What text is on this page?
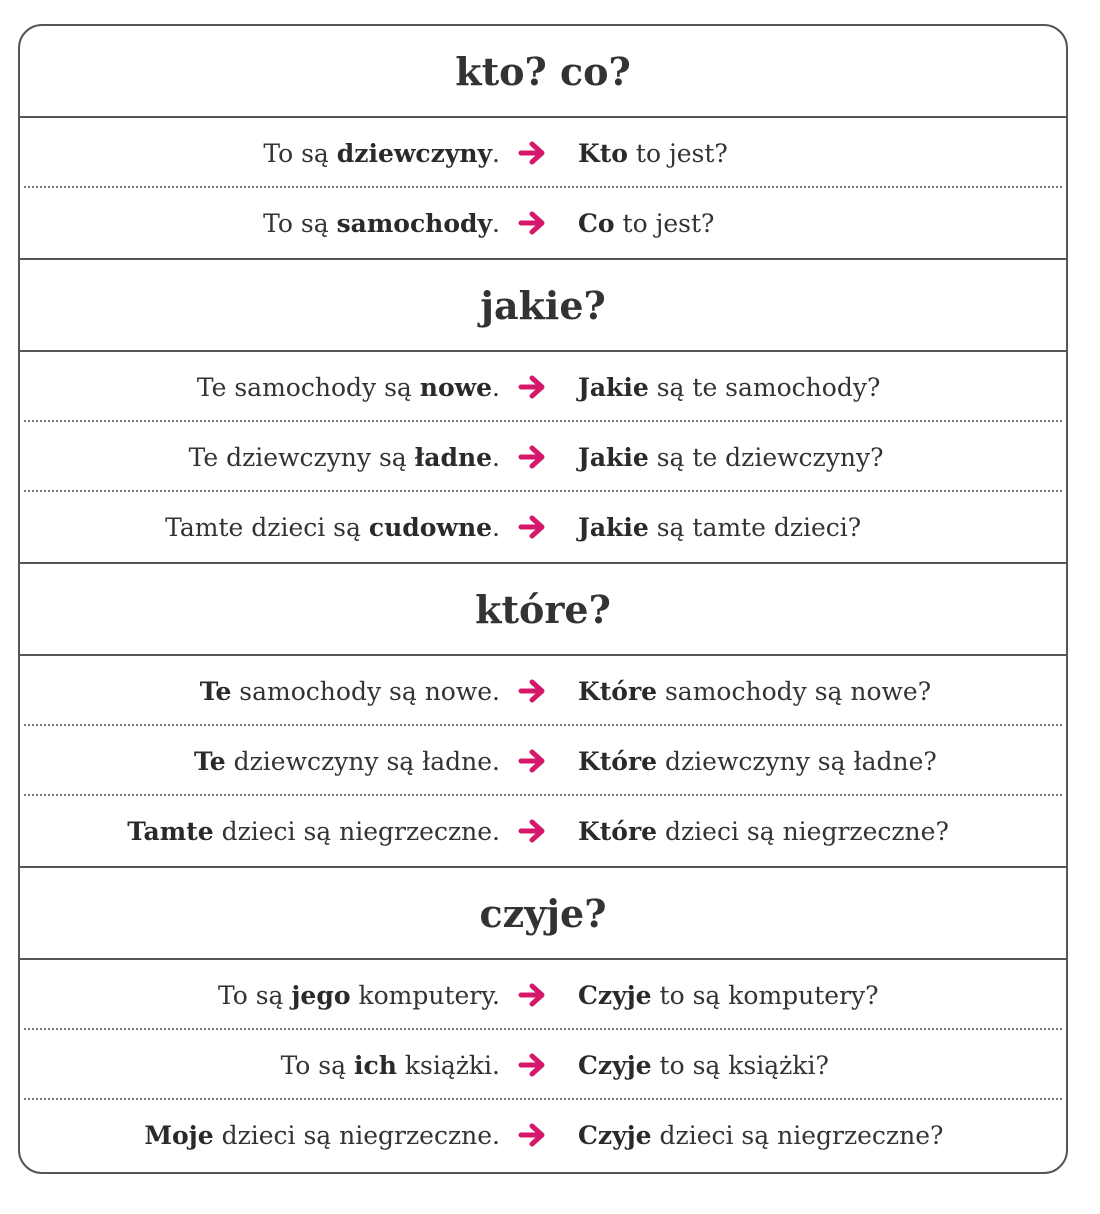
kto? co?
To są dziewczyny.	Kto to jest?
To są samochody.	Co to jest?
jakie?
Te samochody są nowe.	Jakie są te samochody?
Te dziewczyny są ładne.	Jakie są te dziewczyny?
Tamte dzieci są cudowne.	Jakie są tamte dzieci?
które?
Te samochody są nowe.	Które samochody są nowe?
Te dziewczyny są ładne.	Które dziewczyny są ładne?
Tamte dzieci są niegrzeczne.	Które dzieci są niegrzeczne?
czyje?
To są jego komputery.	Czyje to są komputery?
To są ich książki.	Czyje to są książki?
Moje dzieci są niegrzeczne.	Czyje dzieci są niegrzeczne?
